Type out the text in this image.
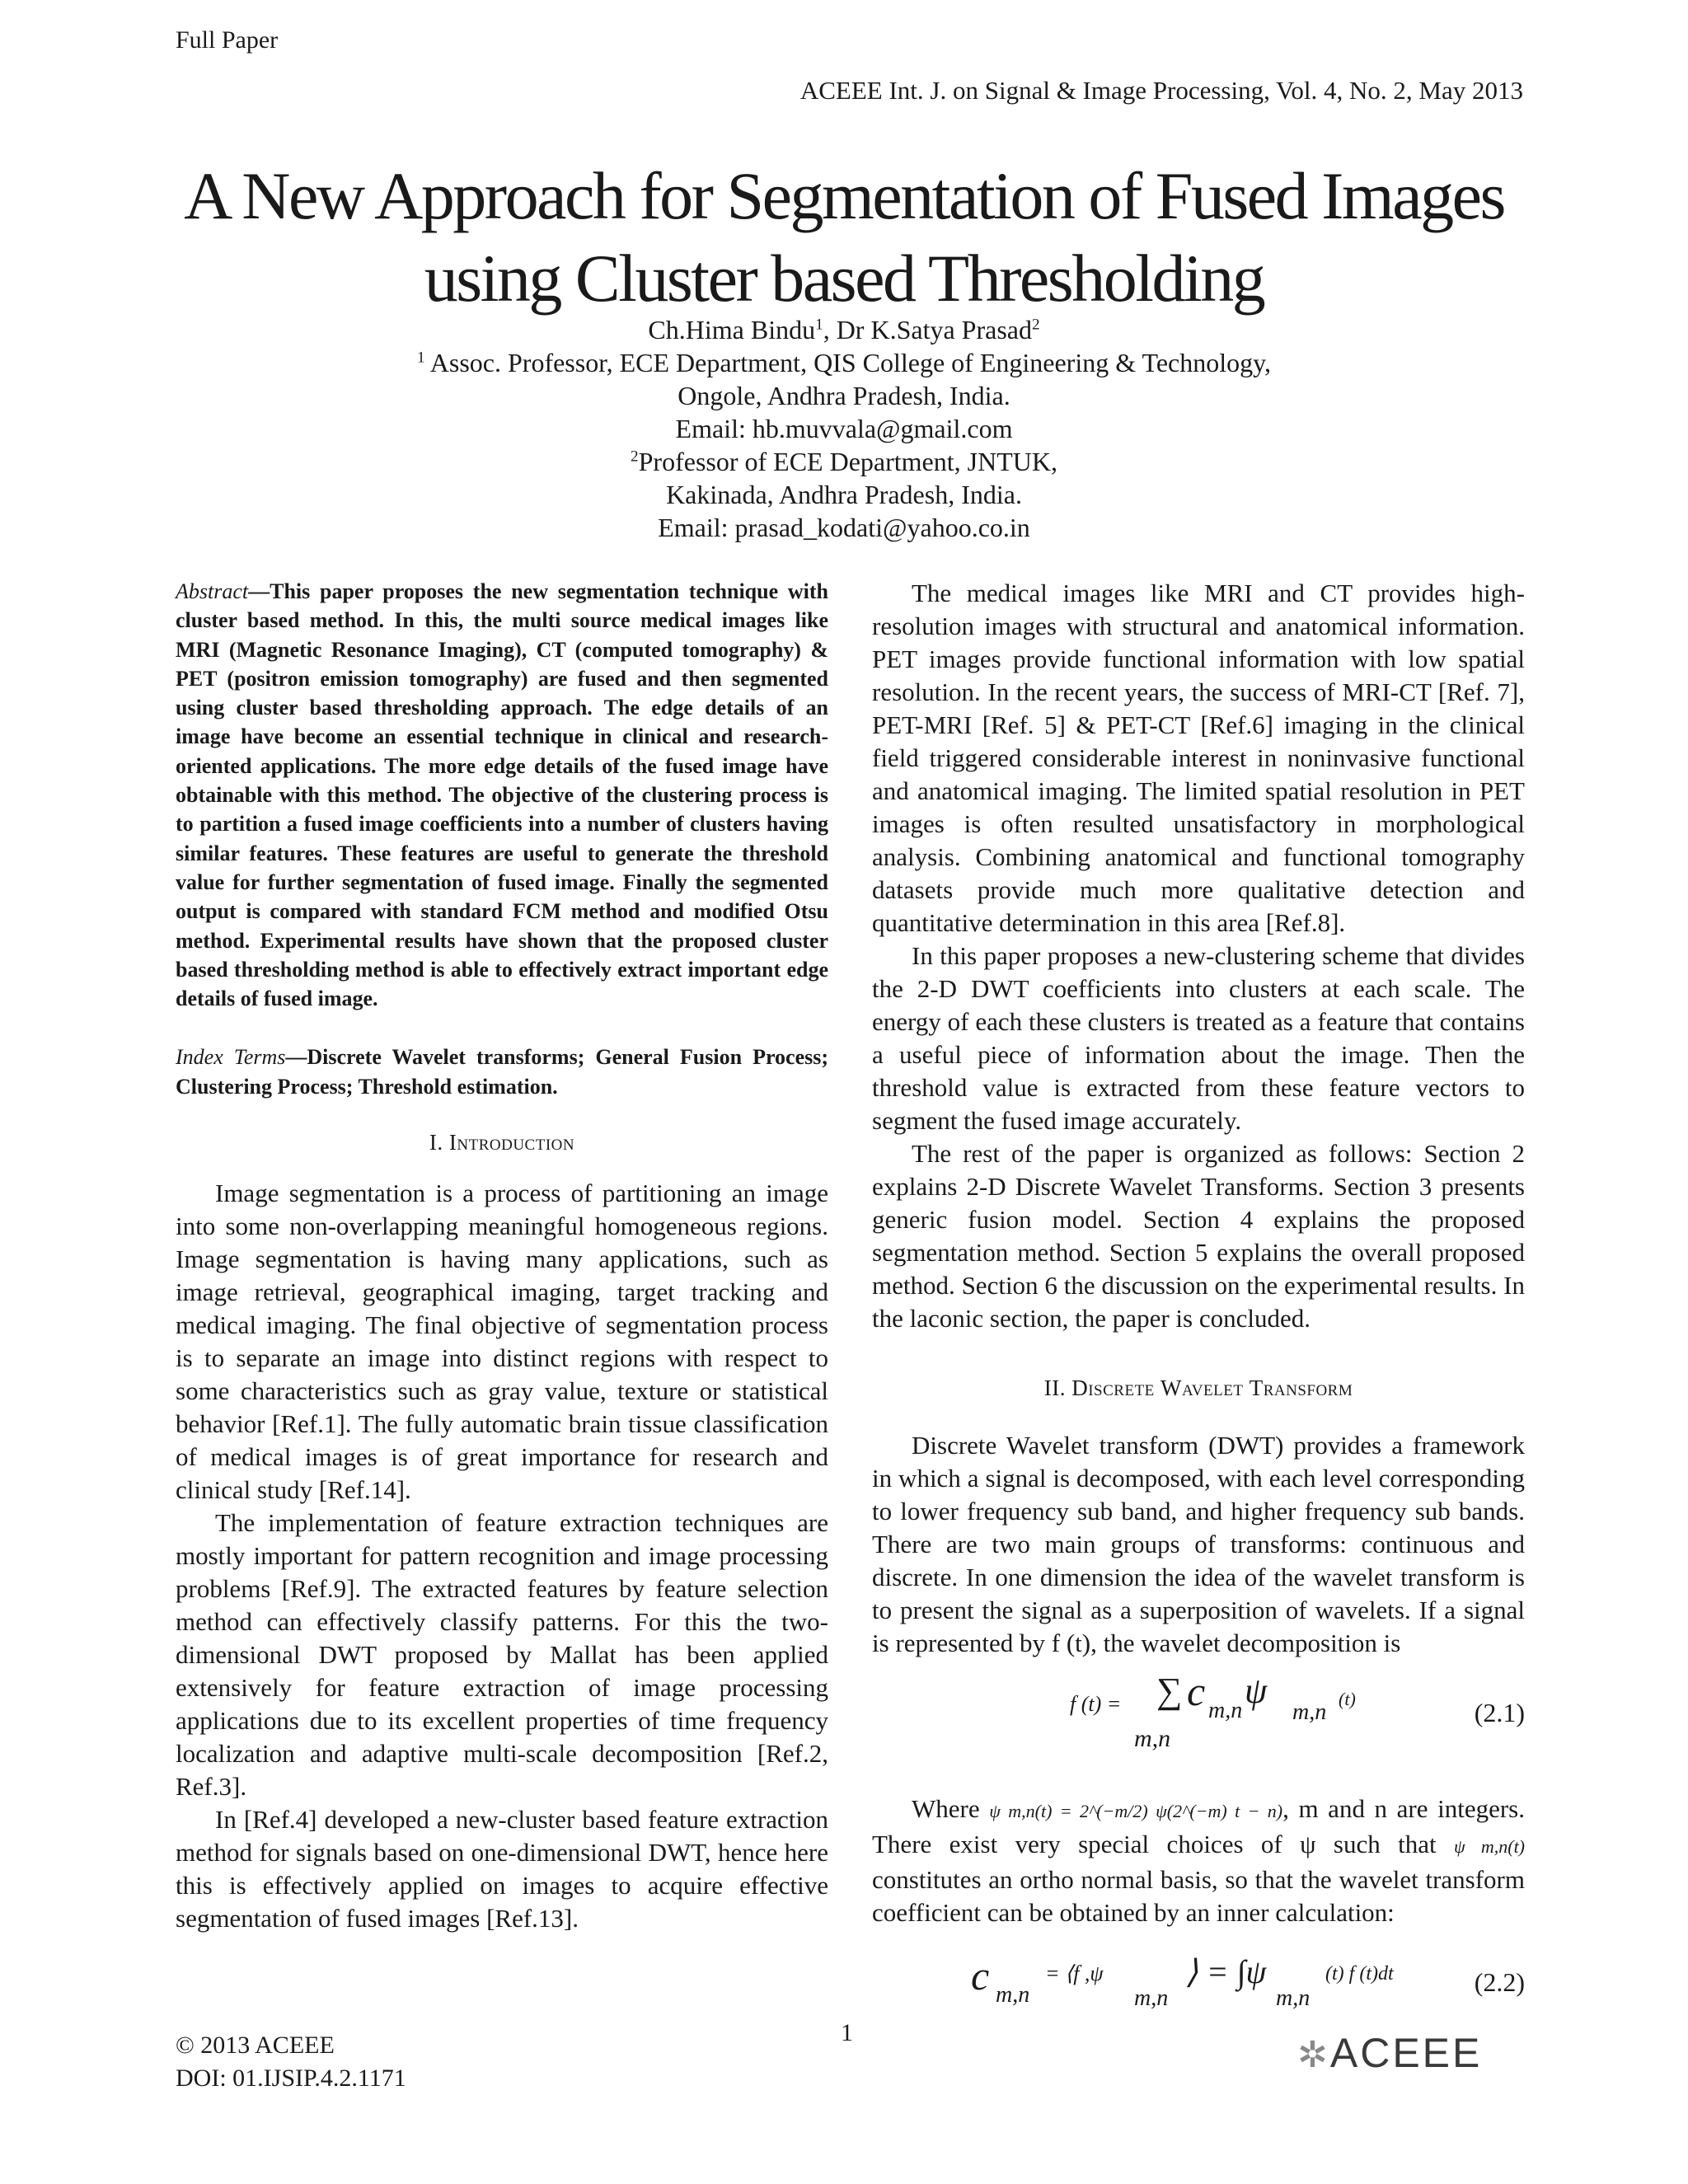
Full Paper
ACEEE Int. J. on Signal & Image Processing, Vol. 4, No. 2, May 2013
A New Approach for Segmentation of Fused Images
using Cluster based Thresholding
Ch.Hima Bindu$^1$, Dr K.Satya Prasad$^2$
$^1$ Assoc. Professor, ECE Department, QIS College of Engineering & Technology,
Ongole, Andhra Pradesh, India.
Email: hb.muvvala@gmail.com
$^2$Professor of ECE Department, JNTUK,
Kakinada, Andhra Pradesh, India.
Email: prasad_kodati@yahoo.co.in

Abstract—This paper proposes the new segmentation technique with cluster based method. In this, the multi source medical images like MRI (Magnetic Resonance Imaging), CT (computed tomography) & PET (positron emission tomography) are fused and then segmented using cluster based thresholding approach. The edge details of an image have become an essential technique in clinical and research-oriented applications. The more edge details of the fused image have obtainable with this method. The objective of the clustering process is to partition a fused image coefficients into a number of clusters having similar features. These features are useful to generate the threshold value for further segmentation of fused image. Finally the segmented output is compared with standard FCM method and modified Otsu method. Experimental results have shown that the proposed cluster based thresholding method is able to effectively extract important edge details of fused image.

Index Terms—Discrete Wavelet transforms; General Fusion Process; Clustering Process; Threshold estimation.

I. Introduction

Image segmentation is a process of partitioning an image into some non-overlapping meaningful homogeneous regions. Image segmentation is having many applications, such as image retrieval, geographical imaging, target tracking and medical imaging. The final objective of segmentation process is to separate an image into distinct regions with respect to some characteristics such as gray value, texture or statistical behavior [Ref.1]. The fully automatic brain tissue classification of medical images is of great importance for research and clinical study [Ref.14].

The implementation of feature extraction techniques are mostly important for pattern recognition and image processing problems [Ref.9]. The extracted features by feature selection method can effectively classify patterns. For this the two-dimensional DWT proposed by Mallat has been applied extensively for feature extraction of image processing applications due to its excellent properties of time frequency localization and adaptive multi-scale decomposition [Ref.2, Ref.3].

In [Ref.4] developed a new-cluster based feature extraction method for signals based on one-dimensional DWT, hence here this is effectively applied on images to acquire effective segmentation of fused images [Ref.13].

The medical images like MRI and CT provides high-resolution images with structural and anatomical information. PET images provide functional information with low spatial resolution. In the recent years, the success of MRI-CT [Ref. 7], PET-MRI [Ref. 5] & PET-CT [Ref.6] imaging in the clinical field triggered considerable interest in noninvasive functional and anatomical imaging. The limited spatial resolution in PET images is often resulted unsatisfactory in morphological analysis. Combining anatomical and functional tomography datasets provide much more qualitative detection and quantitative determination in this area [Ref.8].

In this paper proposes a new-clustering scheme that divides the 2-D DWT coefficients into clusters at each scale. The energy of each these clusters is treated as a feature that contains a useful piece of information about the image. Then the threshold value is extracted from these feature vectors to segment the fused image accurately.

The rest of the paper is organized as follows: Section 2 explains 2-D Discrete Wavelet Transforms. Section 3 presents generic fusion model. Section 4 explains the proposed segmentation method. Section 5 explains the overall proposed method. Section 6 the discussion on the experimental results. In the laconic section, the paper is concluded.

II. Discrete Wavelet Transform

Discrete Wavelet transform (DWT) provides a framework in which a signal is decomposed, with each level corresponding to lower frequency sub band, and higher frequency sub bands. There are two main groups of transforms: continuous and discrete. In one dimension the idea of the wavelet transform is to present the signal as a superposition of wavelets. If a signal is represented by f (t), the wavelet decomposition is

f (t) = ∑ c m,n ψ
m,n
(t)
m,n
(2.1)

Where ψ m,n(t) = 2^(−m/2) ψ(2^(−m) t − n), m and n are integers. There exist very special choices of ψ such that ψ m,n(t) constitutes an ortho normal basis, so that the wavelet transform coefficient can be obtained by an inner calculation:

c m,n
= ⟨f ,ψ
m,n
⟩ = ∫ψ
m,n
(t) f (t)dt	(2.2)
1
© 2013 ACEEE
DOI: 01.IJSIP.4.2.1171
✲ACEEE
